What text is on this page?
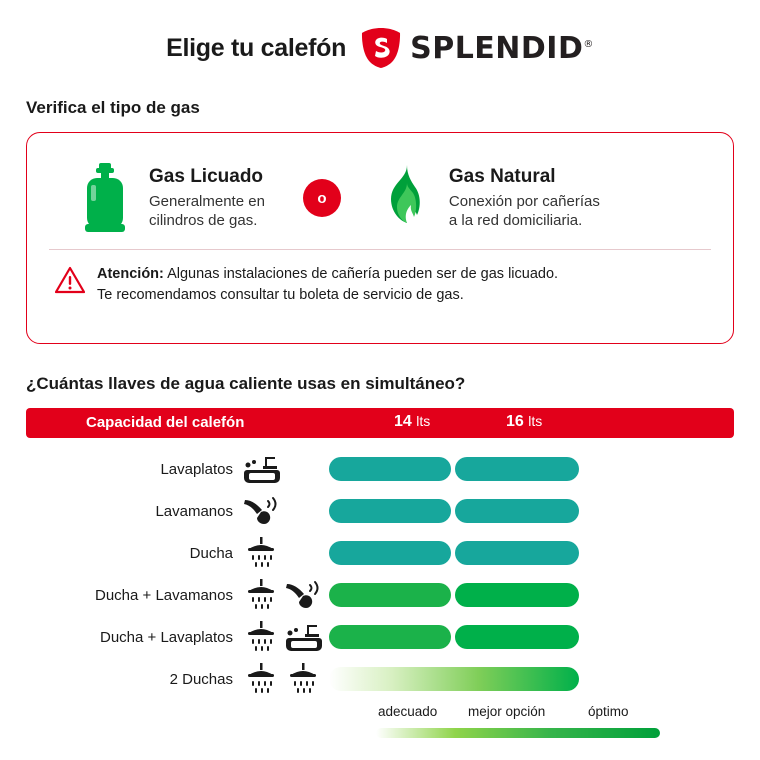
Elige tu calefón SPLENDID®
Verifica el tipo de gas
Gas Licuado
Generalmente en
cilindros de gas.
o
Gas Natural
Conexión por cañerías
a la red domiciliaria.
Atención: Algunas instalaciones de cañería pueden ser de gas licuado.
Te recomendamos consultar tu boleta de servicio de gas.
¿Cuántas llaves de agua caliente usas en simultáneo?
Capacidad del calefón	14 lts	16 lts
Lavaplatos
Lavamanos
Ducha
Ducha + Lavamanos
Ducha + Lavaplatos
2 Duchas
adecuado mejor opción	óptimo
